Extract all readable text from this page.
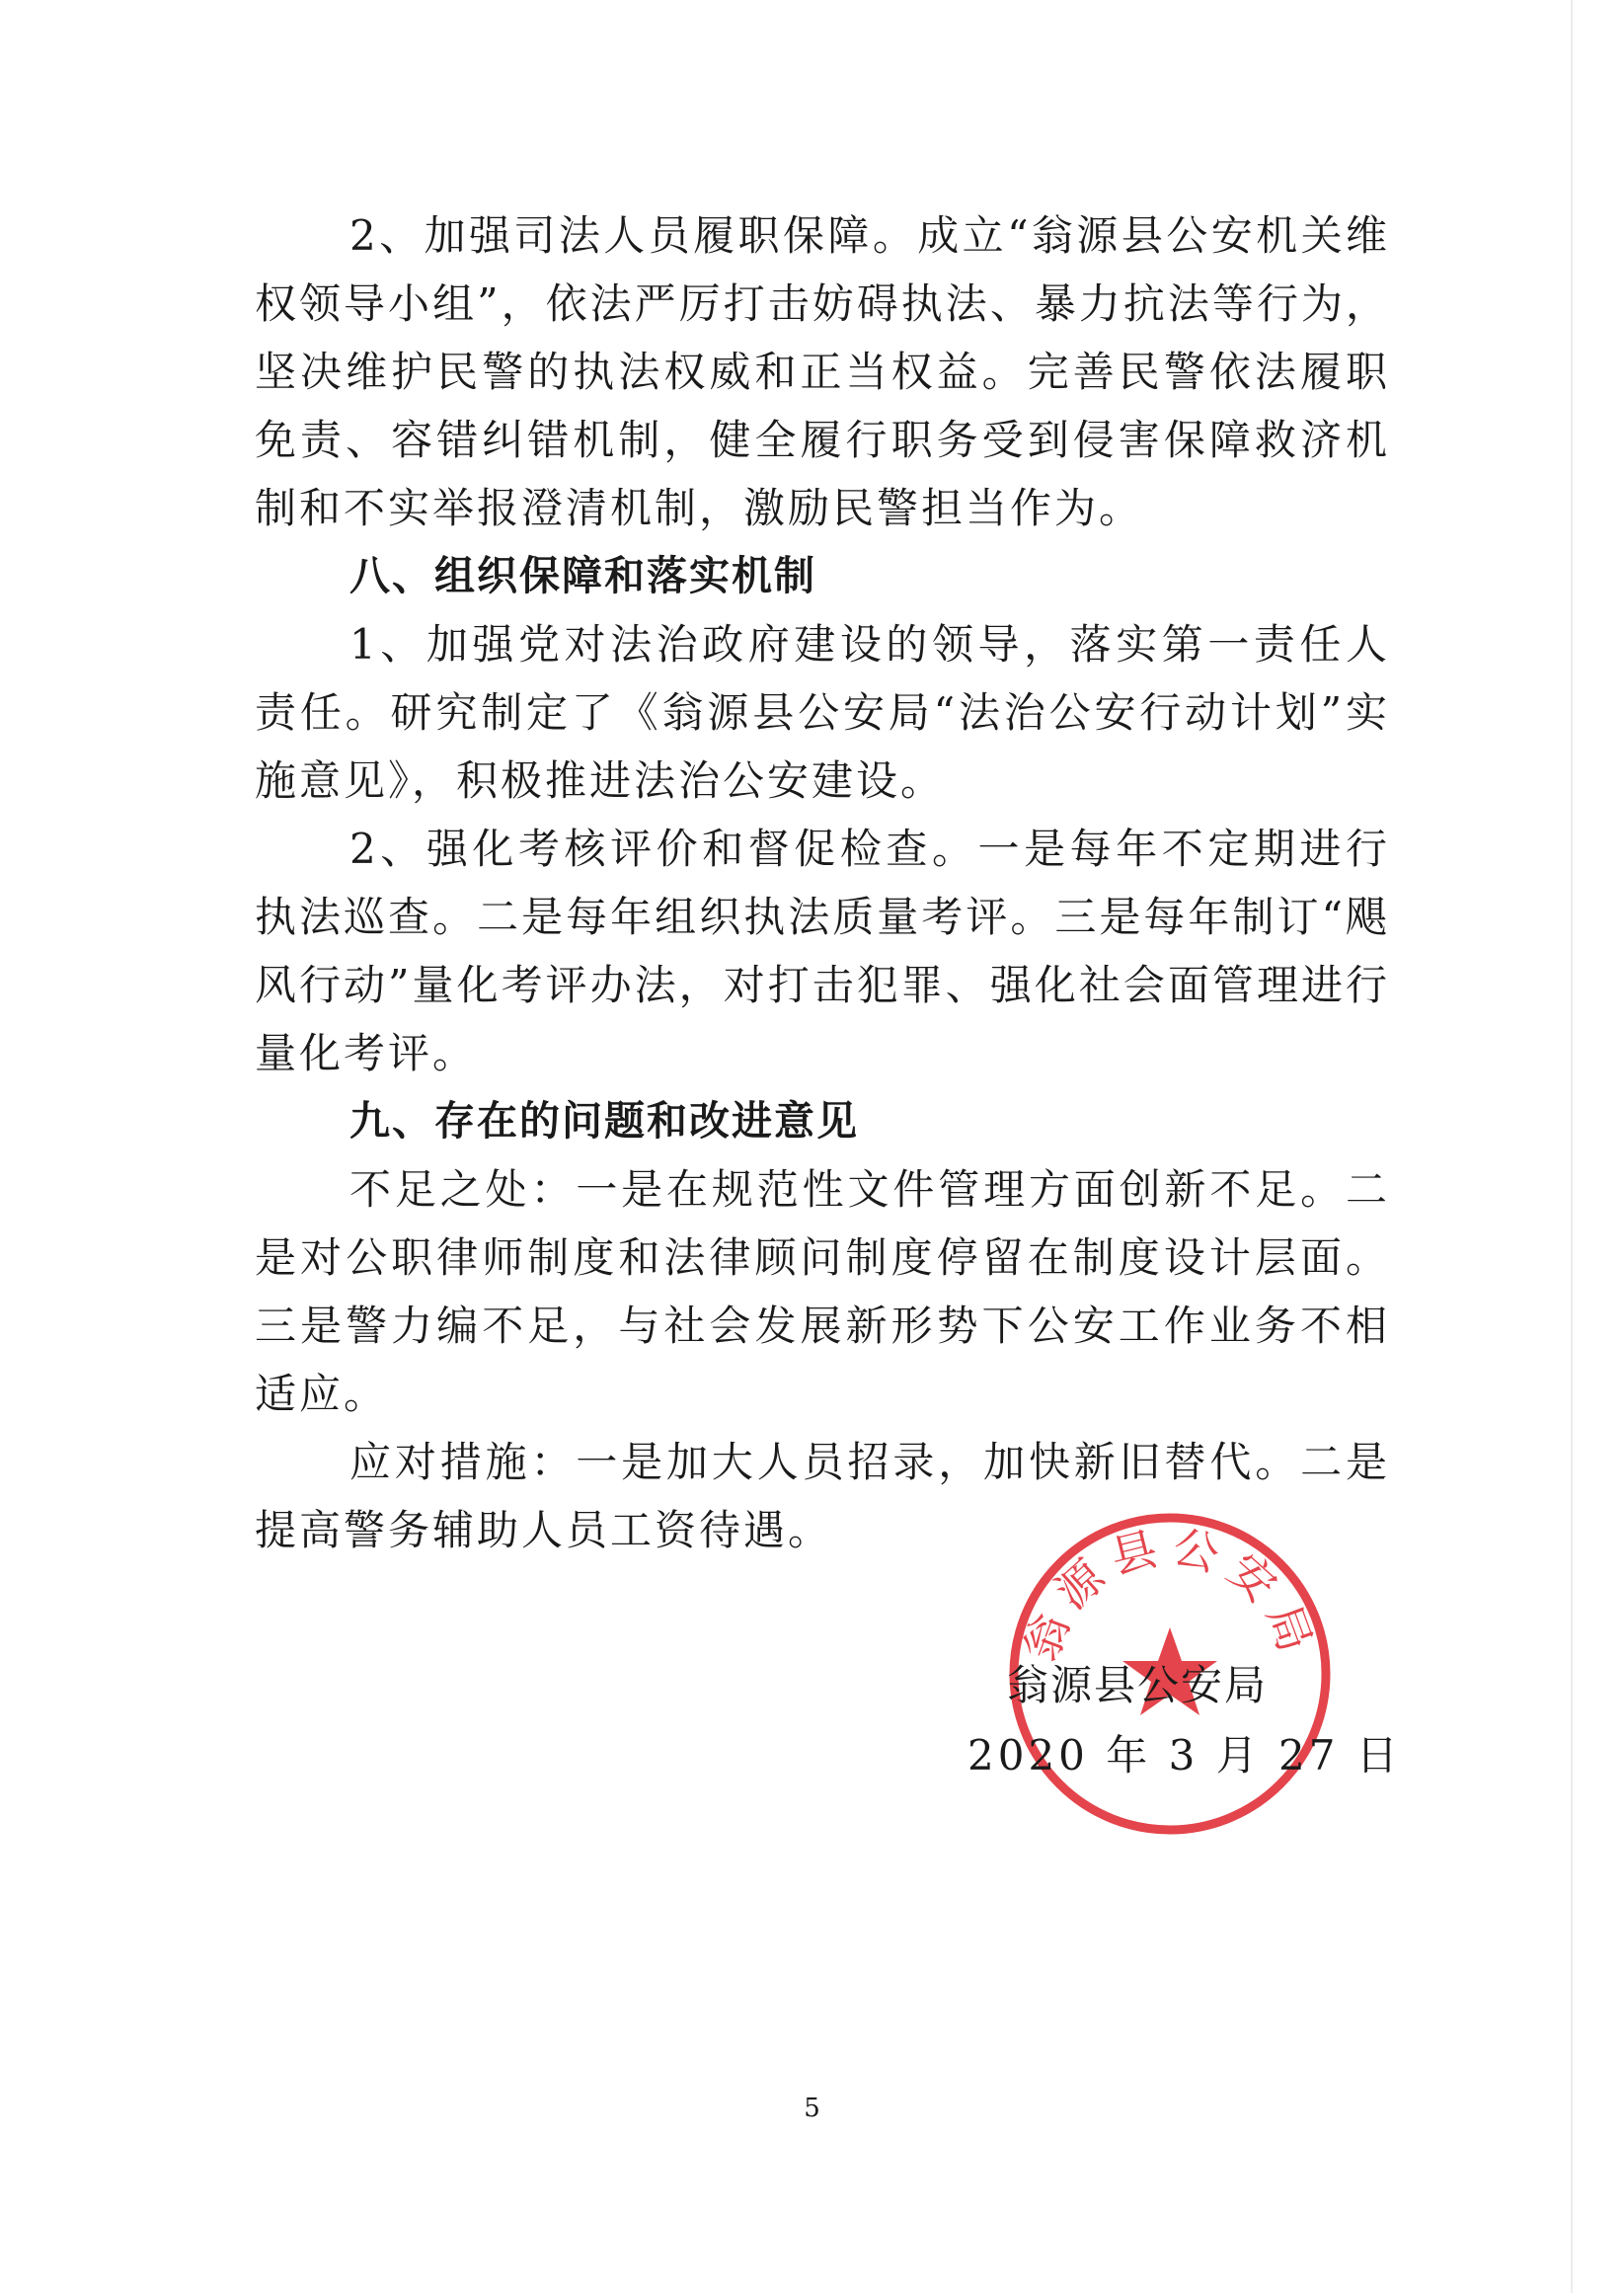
2、加强司法人员履职保障。成立“翁源县公安机关维权领导小组”，依法严厉打击妨碍执法、暴力抗法等行为，坚决维护民警的执法权威和正当权益。完善民警依法履职免责、容错纠错机制，健全履行职务受到侵害保障救济机制和不实举报澄清机制，激励民警担当作为。

八、组织保障和落实机制

1、加强党对法治政府建设的领导，落实第一责任人责任。研究制定了《翁源县公安局“法治公安行动计划”实施意见》，积极推进法治公安建设。

2、强化考核评价和督促检查。一是每年不定期进行执法巡查。二是每年组织执法质量考评。三是每年制订“飓风行动”量化考评办法，对打击犯罪、强化社会面管理进行量化考评。

九、存在的问题和改进意见

不足之处：一是在规范性文件管理方面创新不足。二是对公职律师制度和法律顾问制度停留在制度设计层面。三是警力编不足，与社会发展新形势下公安工作业务不相适应。

应对措施：一是加大人员招录，加快新旧替代。二是提高警务辅助人员工资待遇。

翁源县公安局
翁源县公安局
2020 年 3 月 27 日
5
